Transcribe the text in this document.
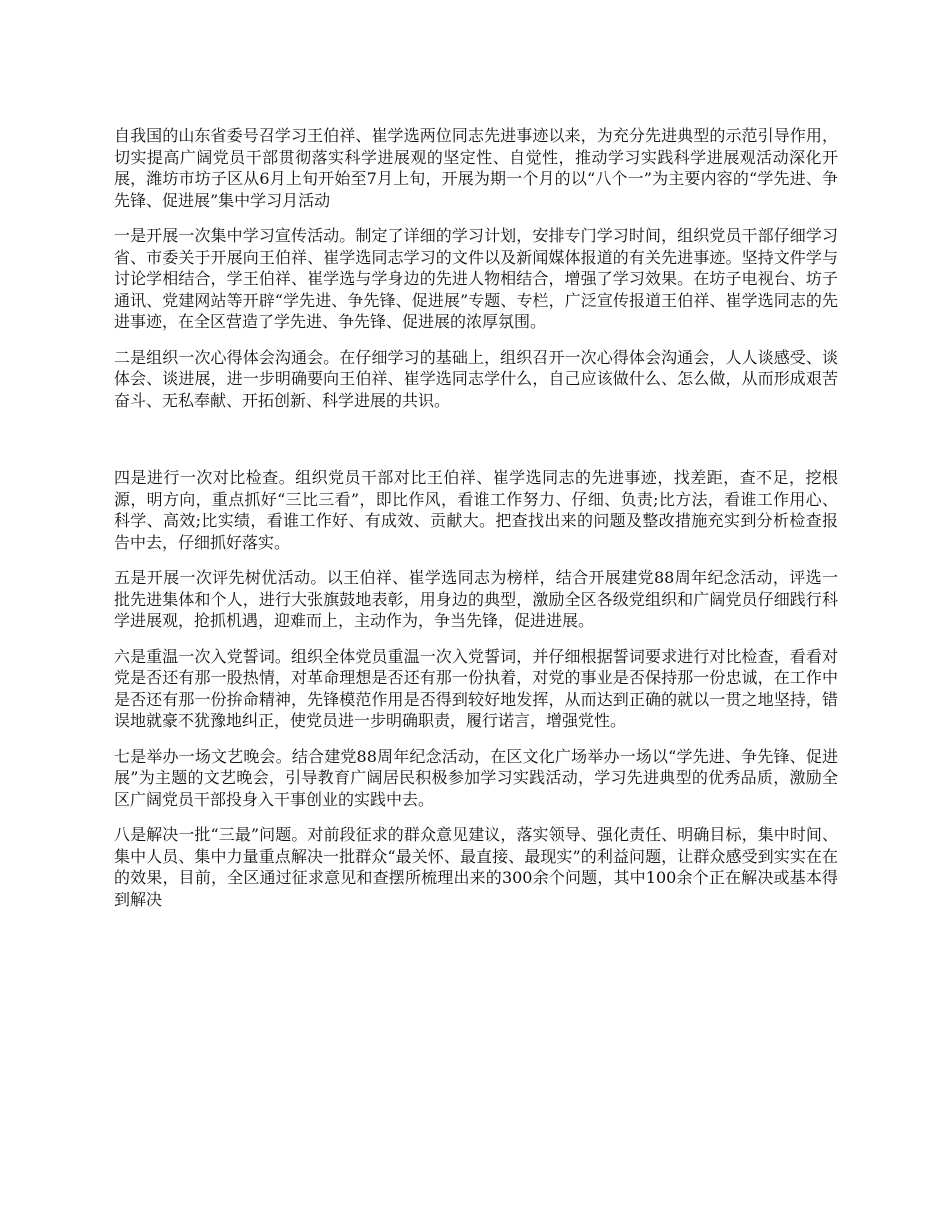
自我国的山东省委号召学习王伯祥、崔学选两位同志先进事迹以来，为充分先进典型的示范引导作用，切实提高广阔党员干部贯彻落实科学进展观的坚定性、自觉性，推动学习实践科学进展观活动深化开展，潍坊市坊子区从6月上旬开始至7月上旬，开展为期一个月的以“八个一”为主要内容的“学先进、争先锋、促进展”集中学习月活动

一是开展一次集中学习宣传活动。制定了详细的学习计划，安排专门学习时间，组织党员干部仔细学习省、市委关于开展向王伯祥、崔学选同志学习的文件以及新闻媒体报道的有关先进事迹。坚持文件学与讨论学相结合，学王伯祥、崔学选与学身边的先进人物相结合，增强了学习效果。在坊子电视台、坊子通讯、党建网站等开辟“学先进、争先锋、促进展”专题、专栏，广泛宣传报道王伯祥、崔学选同志的先进事迹，在全区营造了学先进、争先锋、促进展的浓厚氛围。

二是组织一次心得体会沟通会。在仔细学习的基础上，组织召开一次心得体会沟通会，人人谈感受、谈体会、谈进展，进一步明确要向王伯祥、崔学选同志学什么，自己应该做什么、怎么做，从而形成艰苦奋斗、无私奉献、开拓创新、科学进展的共识。

四是进行一次对比检查。组织党员干部对比王伯祥、崔学选同志的先进事迹，找差距，查不足，挖根源，明方向，重点抓好“三比三看”，即比作风，看谁工作努力、仔细、负责;比方法，看谁工作用心、科学、高效;比实绩，看谁工作好、有成效、贡献大。把查找出来的问题及整改措施充实到分析检查报告中去，仔细抓好落实。

五是开展一次评先树优活动。以王伯祥、崔学选同志为榜样，结合开展建党88周年纪念活动，评选一批先进集体和个人，进行大张旗鼓地表彰，用身边的典型，激励全区各级党组织和广阔党员仔细践行科学进展观，抢抓机遇，迎难而上，主动作为，争当先锋，促进进展。

六是重温一次入党誓词。组织全体党员重温一次入党誓词，并仔细根据誓词要求进行对比检查，看看对党是否还有那一股热情，对革命理想是否还有那一份执着，对党的事业是否保持那一份忠诚，在工作中是否还有那一份拚命精神，先锋模范作用是否得到较好地发挥，从而达到正确的就以一贯之地坚持，错误地就豪不犹豫地纠正，使党员进一步明确职责，履行诺言，增强党性。

七是举办一场文艺晚会。结合建党88周年纪念活动，在区文化广场举办一场以“学先进、争先锋、促进展”为主题的文艺晚会，引导教育广阔居民积极参加学习实践活动，学习先进典型的优秀品质，激励全区广阔党员干部投身入干事创业的实践中去。

八是解决一批“三最”问题。对前段征求的群众意见建议，落实领导、强化责任、明确目标，集中时间、集中人员、集中力量重点解决一批群众“最关怀、最直接、最现实”的利益问题，让群众感受到实实在在的效果，目前，全区通过征求意见和查摆所梳理出来的300余个问题，其中100余个正在解决或基本得到解决
